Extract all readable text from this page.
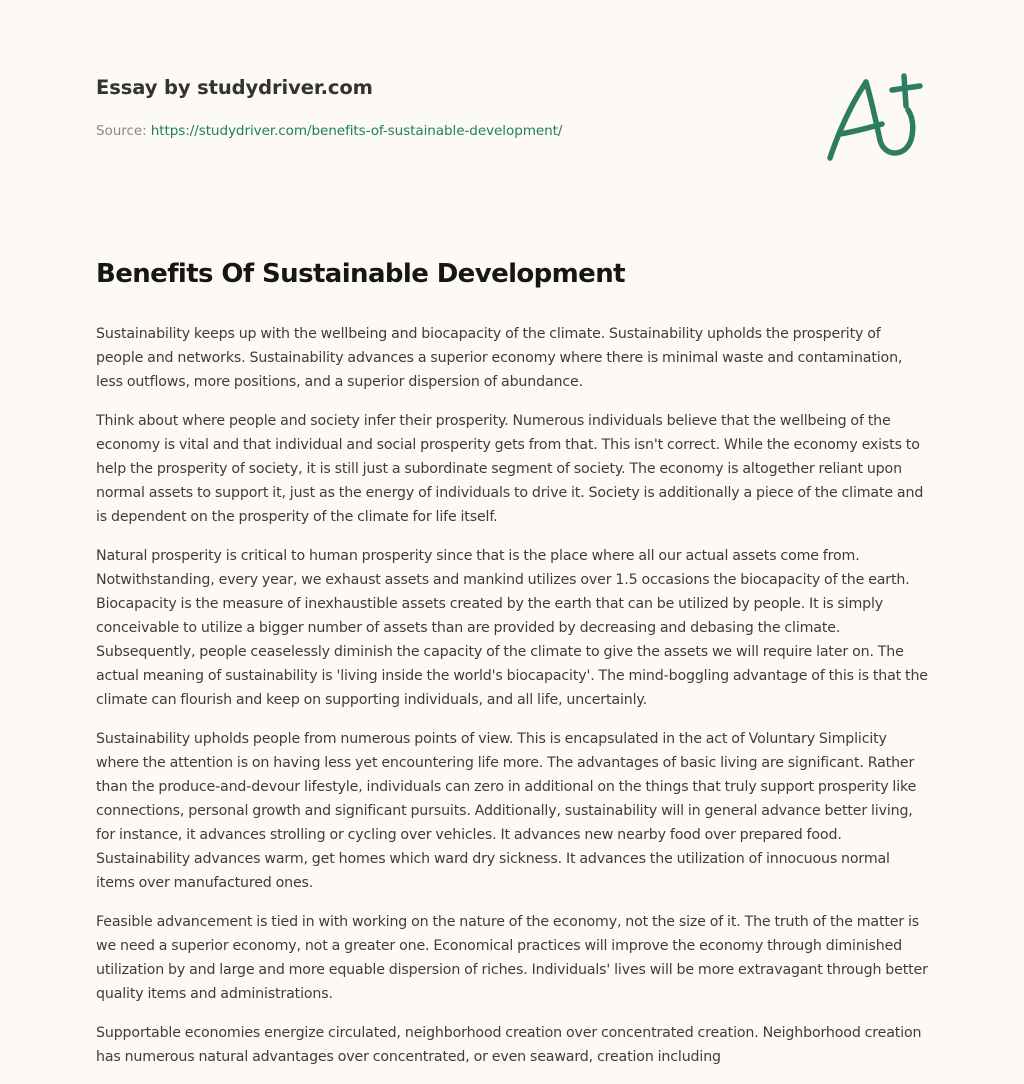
Essay by studydriver.com
Source: https://studydriver.com/benefits-of-sustainable-development/
Benefits Of Sustainable Development

Sustainability keeps up with the wellbeing and biocapacity of the climate. Sustainability upholds the prosperity of people and networks. Sustainability advances a superior economy where there is minimal waste and contamination, less outflows, more positions, and a superior dispersion of abundance.

Think about where people and society infer their prosperity. Numerous individuals believe that the wellbeing of the economy is vital and that individual and social prosperity gets from that. This isn't correct. While the economy exists to help the prosperity of society, it is still just a subordinate segment of society. The economy is altogether reliant upon normal assets to support it, just as the energy of individuals to drive it. Society is additionally a piece of the climate and is dependent on the prosperity of the climate for life itself.

Natural prosperity is critical to human prosperity since that is the place where all our actual assets come from. Notwithstanding, every year, we exhaust assets and mankind utilizes over 1.5 occasions the biocapacity of the earth. Biocapacity is the measure of inexhaustible assets created by the earth that can be utilized by people. It is simply conceivable to utilize a bigger number of assets than are provided by decreasing and debasing the climate. Subsequently, people ceaselessly diminish the capacity of the climate to give the assets we will require later on. The actual meaning of sustainability is 'living inside the world's biocapacity'. The mind-boggling advantage of this is that the climate can flourish and keep on supporting individuals, and all life, uncertainly.

Sustainability upholds people from numerous points of view. This is encapsulated in the act of Voluntary Simplicity where the attention is on having less yet encountering life more. The advantages of basic living are significant. Rather than the produce-and-devour lifestyle, individuals can zero in additional on the things that truly support prosperity like connections, personal growth and significant pursuits. Additionally, sustainability will in general advance better living, for instance, it advances strolling or cycling over vehicles. It advances new nearby food over prepared food. Sustainability advances warm, get homes which ward dry sickness. It advances the utilization of innocuous normal items over manufactured ones.

Feasible advancement is tied in with working on the nature of the economy, not the size of it. The truth of the matter is we need a superior economy, not a greater one. Economical practices will improve the economy through diminished utilization by and large and more equable dispersion of riches. Individuals' lives will be more extravagant through better quality items and administrations.

Supportable economies energize circulated, neighborhood creation over concentrated creation. Neighborhood creation has numerous natural advantages over concentrated, or even seaward, creation including
